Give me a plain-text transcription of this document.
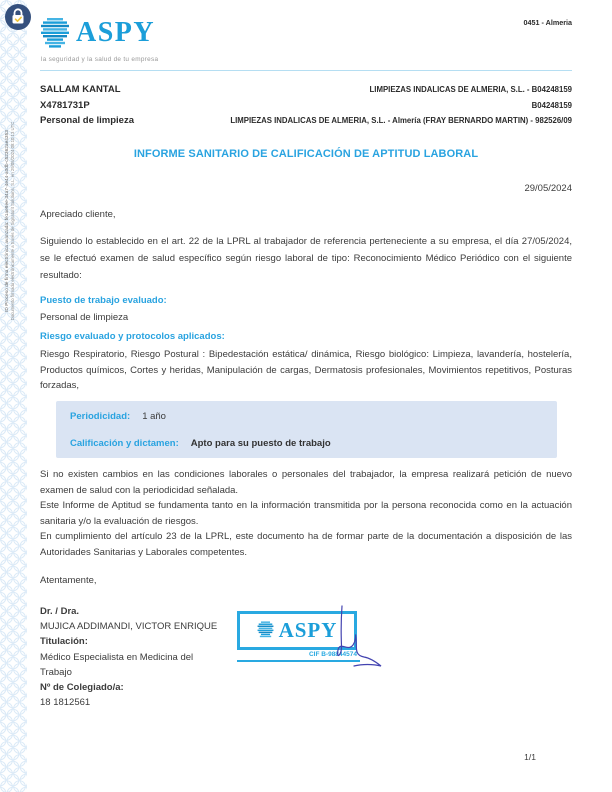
ID Proceso de firma electrónica avanzada: fe1ae9ee-34a7-4e44-a0db-c52362ae4353 Documento firmado electrónicamente a través de Signaturit Solutions, S.L. en 29/05/2024 08:10:13 UTC
ASPY
la seguridad y la salud de tu empresa
0451 - Almeria
SALLAM KANTAL	LIMPIEZAS INDALICAS DE ALMERIA, S.L. - B04248159
X4781731P	B04248159
Personal de limpieza	LIMPIEZAS INDALICAS DE ALMERIA, S.L. - Almería (FRAY BERNARDO MARTIN) - 982526/09
INFORME SANITARIO DE CALIFICACIÓN DE APTITUD LABORAL
29/05/2024
Apreciado cliente,
Siguiendo lo establecido en el art. 22 de la LPRL al trabajador de referencia perteneciente a su empresa, el día 27/05/2024, se le efectuó examen de salud específico según riesgo laboral de tipo: Reconocimiento Médico Periódico con el siguiente resultado:
Puesto de trabajo evaluado:
Personal de limpieza
Riesgo evaluado y protocolos aplicados:
Riesgo Respiratorio, Riesgo Postural : Bipedestación estática/ dinámica, Riesgo biológico: Limpieza, lavandería, hostelería, Productos químicos, Cortes y heridas, Manipulación de cargas, Dermatosis profesionales, Movimientos repetitivos, Posturas forzadas,
Periodicidad: 1 año
Calificación y dictamen: Apto para su puesto de trabajo

Si no existen cambios en las condiciones laborales o personales del trabajador, la empresa realizará petición de nuevo examen de salud con la periodicidad señalada.

Este Informe de Aptitud se fundamenta tanto en la información transmitida por la persona reconocida como en la actuación sanitaria y/o la evaluación de riesgos.

En cumplimiento del artículo 23 de la LPRL, este documento ha de formar parte de la documentación a disposición de las Autoridades Sanitarias y Laborales competentes.

Atentamente,
Dr. / Dra.
MUJICA ADDIMANDI, VICTOR ENRIQUE
Titulación:
Médico Especialista en Medicina del Trabajo
Nº de Colegiado/a:
18 1812561
ASPY
CIF B-98844574
1/1
